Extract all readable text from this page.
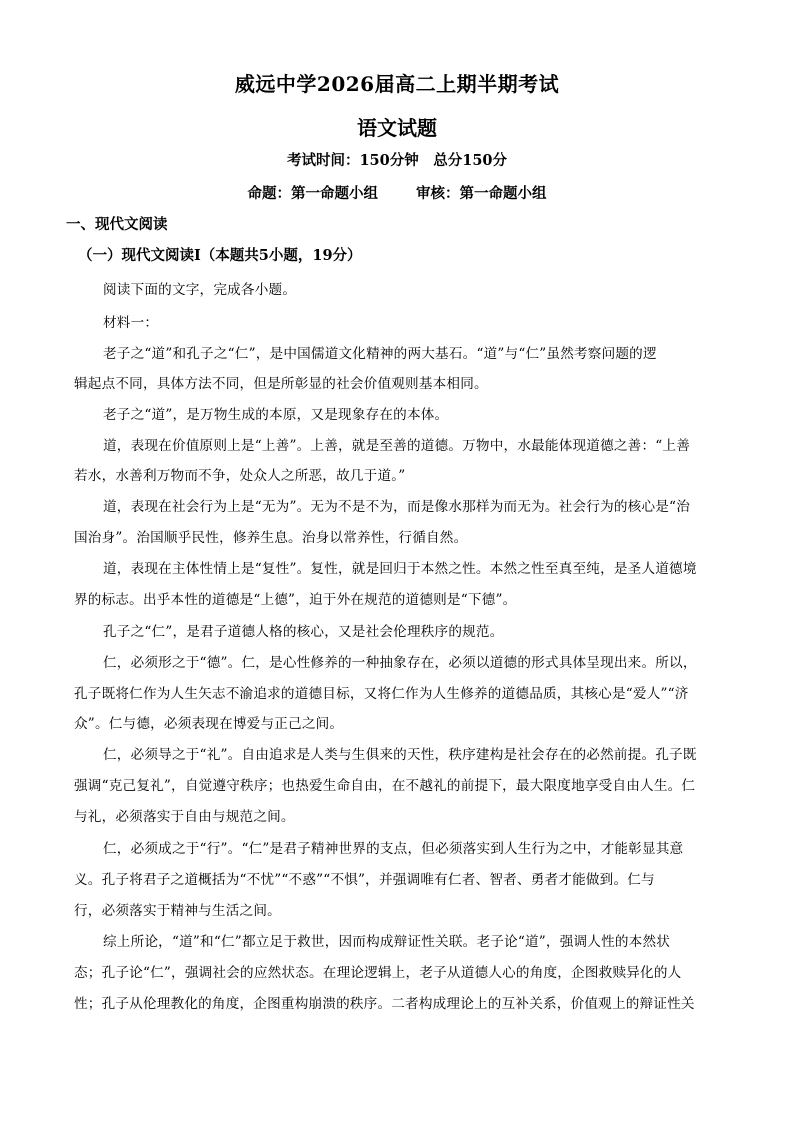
威远中学2026届高二上期半期考试
语文试题
考试时间：150分钟　总分150分
命题：第一命题小组	审核：第一命题小组
一、现代文阅读
（一）现代文阅读Ⅰ（本题共5小题，19分）
阅读下面的文字，完成各小题。
材料一：
老子之“道”和孔子之“仁”，是中国儒道文化精神的两大基石。“道”与“仁”虽然考察问题的逻
辑起点不同，具体方法不同，但是所彰显的社会价值观则基本相同。
老子之“道”，是万物生成的本原，又是现象存在的本体。
道，表现在价值原则上是“上善”。上善，就是至善的道德。万物中，水最能体现道德之善：“上善
若水，水善利万物而不争，处众人之所恶，故几于道。”
道，表现在社会行为上是“无为”。无为不是不为，而是像水那样为而无为。社会行为的核心是“治
国治身”。治国顺乎民性，修养生息。治身以常养性，行循自然。
道，表现在主体性情上是“复性”。复性，就是回归于本然之性。本然之性至真至纯，是圣人道德境
界的标志。出乎本性的道德是“上德”，迫于外在规范的道德则是“下德”。
孔子之“仁”，是君子道德人格的核心，又是社会伦理秩序的规范。
仁，必须形之于“德”。仁，是心性修养的一种抽象存在，必须以道德的形式具体呈现出来。所以，
孔子既将仁作为人生矢志不渝追求的道德目标，又将仁作为人生修养的道德品质，其核心是“爱人”“济
众”。仁与德，必须表现在博爱与正己之间。
仁，必须导之于“礼”。自由追求是人类与生俱来的天性，秩序建构是社会存在的必然前提。孔子既
强调“克己复礼”，自觉遵守秩序；也热爱生命自由，在不越礼的前提下，最大限度地享受自由人生。仁
与礼，必须落实于自由与规范之间。
仁，必须成之于“行”。“仁”是君子精神世界的支点，但必须落实到人生行为之中，才能彰显其意
义。孔子将君子之道概括为“不忧”“不惑”“不惧”，并强调唯有仁者、智者、勇者才能做到。仁与
行，必须落实于精神与生活之间。
综上所论，“道”和“仁”都立足于救世，因而构成辩证性关联。老子论“道”，强调人性的本然状
态；孔子论“仁”，强调社会的应然状态。在理论逻辑上，老子从道德人心的角度，企图救赎异化的人
性；孔子从伦理教化的角度，企图重构崩溃的秩序。二者构成理论上的互补关系，价值观上的辩证性关
